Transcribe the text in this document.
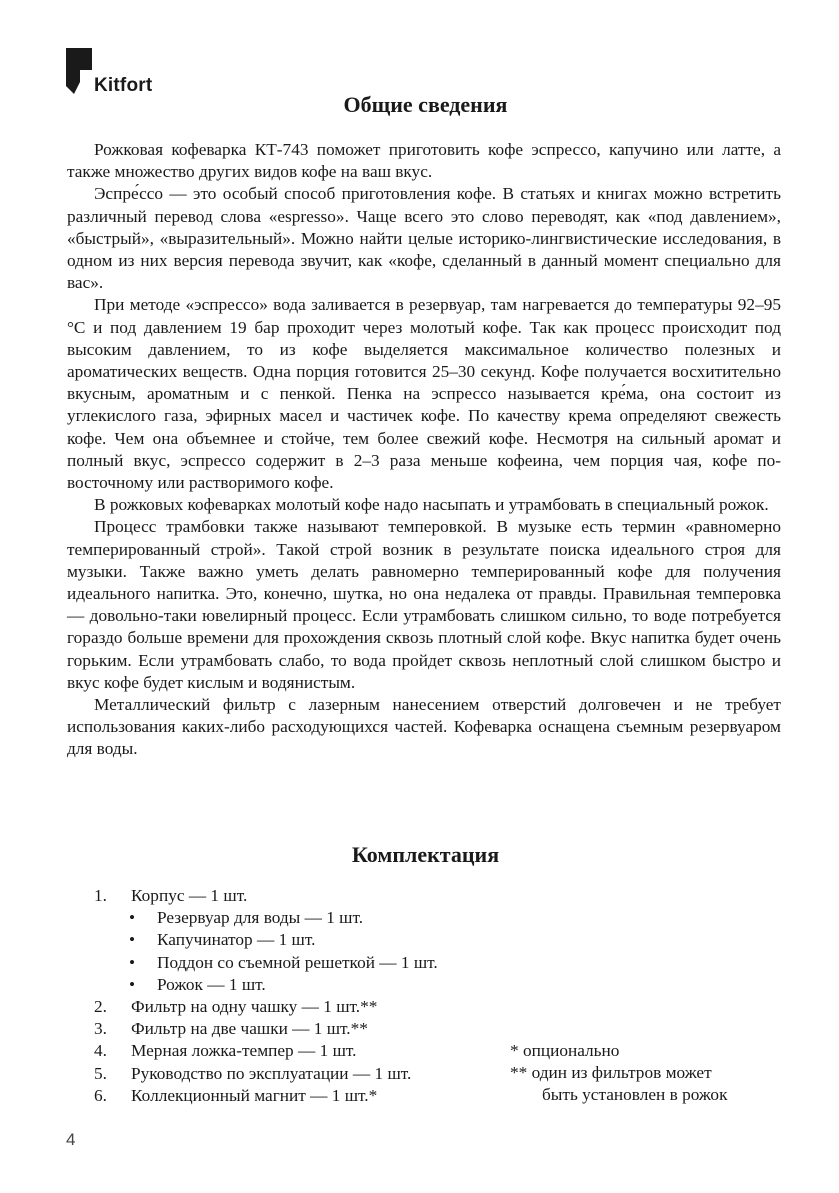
Kitfort
Общие сведения

Рожковая кофеварка КТ-743 поможет приготовить кофе эспрессо, капучино или латте, а также множество других видов кофе на ваш вкус.

Эспре́ссо — это особый способ приготовления кофе. В статьях и книгах можно встретить различный перевод слова «espresso». Чаще всего это слово переводят, как «под давлением», «быстрый», «выразительный». Можно найти целые историко-лингвистические исследования, в одном из них версия перевода звучит, как «кофе, сделанный в данный момент специально для вас».

При методе «эспрессо» вода заливается в резервуар, там нагревается до температуры 92–95 °C и под давлением 19 бар проходит через молотый кофе. Так как процесс происходит под высоким давлением, то из кофе выделяется максимальное количество полезных и ароматических веществ. Одна порция готовится 25–30 секунд. Кофе получается восхитительно вкусным, ароматным и с пенкой. Пенка на эспрессо называется кре́ма, она состоит из углекислого газа, эфирных масел и частичек кофе. По качеству крема определяют свежесть кофе. Чем она объемнее и стойче, тем более свежий кофе. Несмотря на сильный аромат и полный вкус, эспрессо содержит в 2–3 раза меньше кофеина, чем порция чая, кофе по-восточному или растворимого кофе.

В рожковых кофеварках молотый кофе надо насыпать и утрамбовать в специальный рожок.

Процесс трамбовки также называют темперовкой. В музыке есть термин «равномерно темперированный строй». Такой строй возник в результате поиска идеального строя для музыки. Также важно уметь делать равномерно темперированный кофе для получения идеального напитка. Это, конечно, шутка, но она недалека от правды. Правильная темперовка — довольно-таки ювелирный процесс. Если утрамбовать слишком сильно, то воде потребуется гораздо больше времени для прохождения сквозь плотный слой кофе. Вкус напитка будет очень горьким. Если утрамбовать слабо, то вода пройдет сквозь неплотный слой слишком быстро и вкус кофе будет кислым и водянистым.

Металлический фильтр с лазерным нанесением отверстий долговечен и не требует использования каких-либо расходующихся частей. Кофеварка оснащена съемным резервуаром для воды.

Комплектация
1.	Корпус — 1 шт.
• Резервуар для воды — 1 шт.
• Капучинатор — 1 шт.
• Поддон со съемной решеткой — 1 шт.
• Рожок — 1 шт.
2.	Фильтр на одну чашку — 1 шт.**
3.	Фильтр на две чашки — 1 шт.**
4.	Мерная ложка-темпер — 1 шт.
5.	Руководство по эксплуатации — 1 шт.
6.	Коллекционный магнит — 1 шт.*
* опционально
** один из фильтров может
быть установлен в рожок
4
